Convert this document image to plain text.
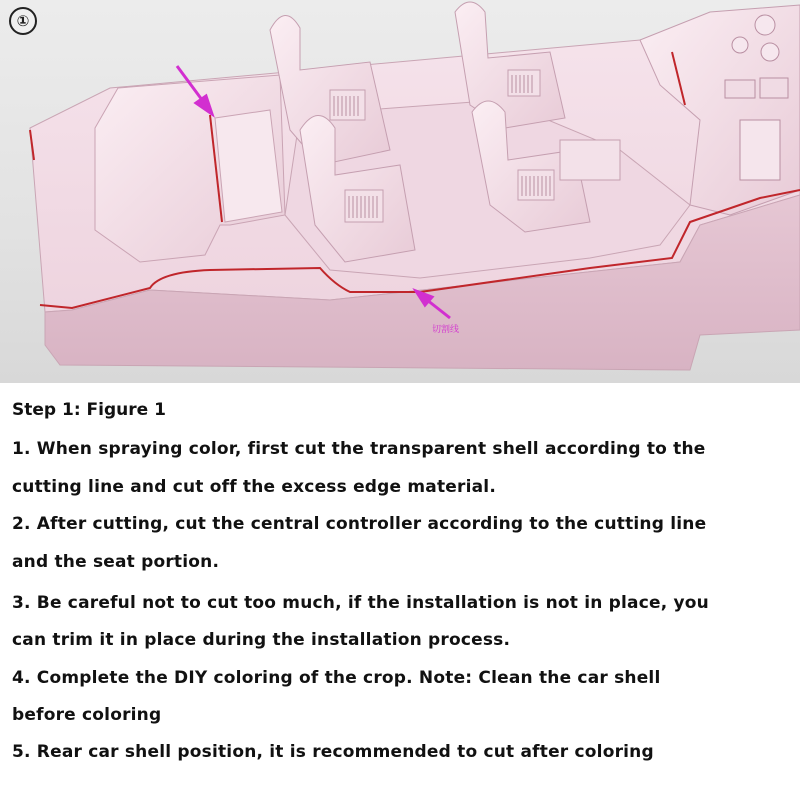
①
切割线
Step 1: Figure 1
1. When spraying color, first cut the transparent shell according to the
cutting line and cut off the excess edge material.
2. After cutting, cut the central controller according to the cutting line
and the seat portion.
3. Be careful not to cut too much, if the installation is not in place, you
can trim it in place during the installation process.
4. Complete the DIY coloring of the crop. Note: Clean the car shell
before coloring
5. Rear car shell position, it is recommended to cut after coloring
